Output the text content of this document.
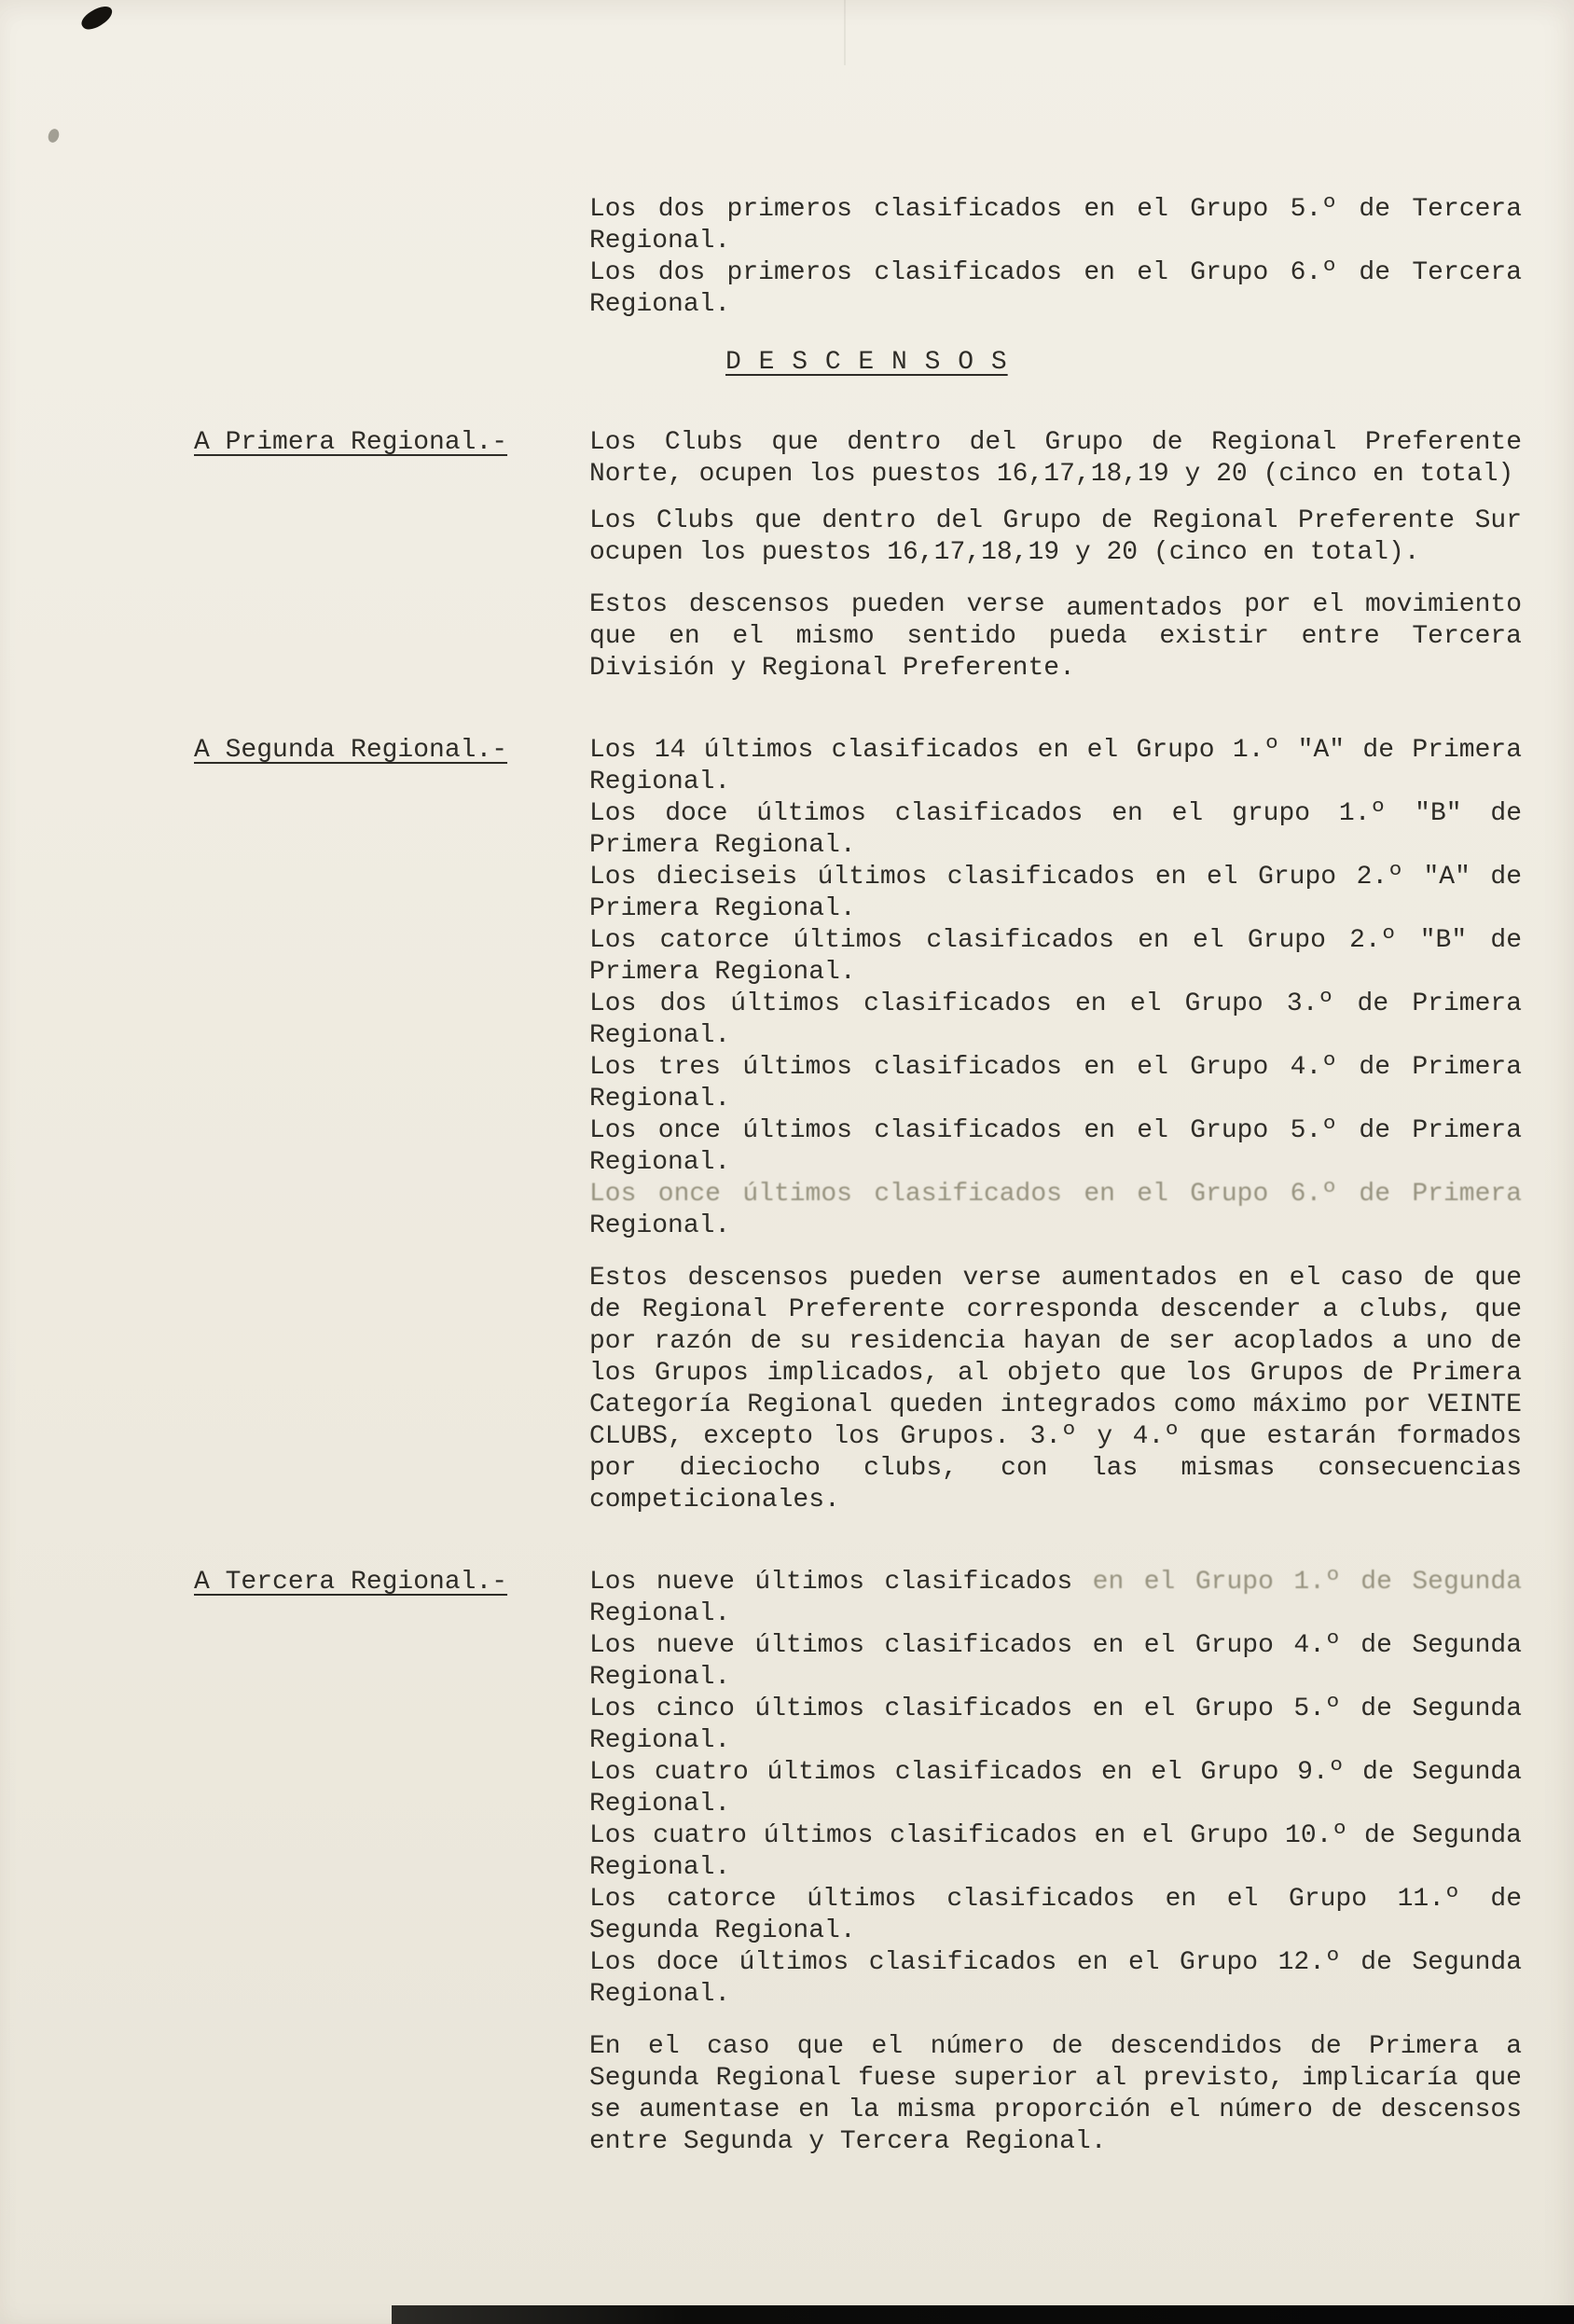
Los dos primeros clasificados en el Grupo 5.º de Tercera Regional.

Los dos primeros clasificados en el Grupo 6.º de Tercera Regional.

D E S C E N S O S
A Primera Regional.-	Los Clubs que dentro del Grupo de Regional Preferente Norte, ocupen los puestos 16,17,18,19 y 20 (cinco en total)

Los Clubs que dentro del Grupo de Regional Preferente Sur ocupen los puestos 16,17,18,19 y 20 (cinco en total).

Estos descensos pueden verse aumentados por el movimiento que en el mismo sentido pueda existir entre Tercera División y Regional Preferente.

A Segunda Regional.-	Los 14 últimos clasificados en el Grupo 1.º "A" de Primera Regional.

Los doce últimos clasificados en el grupo 1.º "B" de Primera Regional.

Los dieciseis últimos clasificados en el Grupo 2.º "A" de Primera Regional.

Los catorce últimos clasificados en el Grupo 2.º "B" de Primera Regional.

Los dos últimos clasificados en el Grupo 3.º de Primera Regional.

Los tres últimos clasificados en el Grupo 4.º de Primera Regional.

Los once últimos clasificados en el Grupo 5.º de Primera Regional.

Los once últimos clasificados en el Grupo 6.º de Primera Regional.

Estos descensos pueden verse aumentados en el caso de que de Regional Preferente corresponda descender a clubs, que por razón de su residencia hayan de ser acoplados a uno de los Grupos implicados, al objeto que los Grupos de Primera Categoría Regional queden integrados como máximo por VEINTE CLUBS, excepto los Grupos. 3.º y 4.º que estarán formados por dieciocho clubs, con las mismas consecuencias competicionales.

A Tercera Regional.-	Los nueve últimos clasificados en el Grupo 1.º de Segunda Regional.

Los nueve últimos clasificados en el Grupo 4.º de Segunda Regional.

Los cinco últimos clasificados en el Grupo 5.º de Segunda Regional.

Los cuatro últimos clasificados en el Grupo 9.º de Segunda Regional.

Los cuatro últimos clasificados en el Grupo 10.º de Segunda Regional.

Los catorce últimos clasificados en el Grupo 11.º de Segunda Regional.

Los doce últimos clasificados en el Grupo 12.º de Segunda Regional.

En el caso que el número de descendidos de Primera a Segunda Regional fuese superior al previsto, implicaría que se aumentase en la misma proporción el número de descensos entre Segunda y Tercera Regional.
